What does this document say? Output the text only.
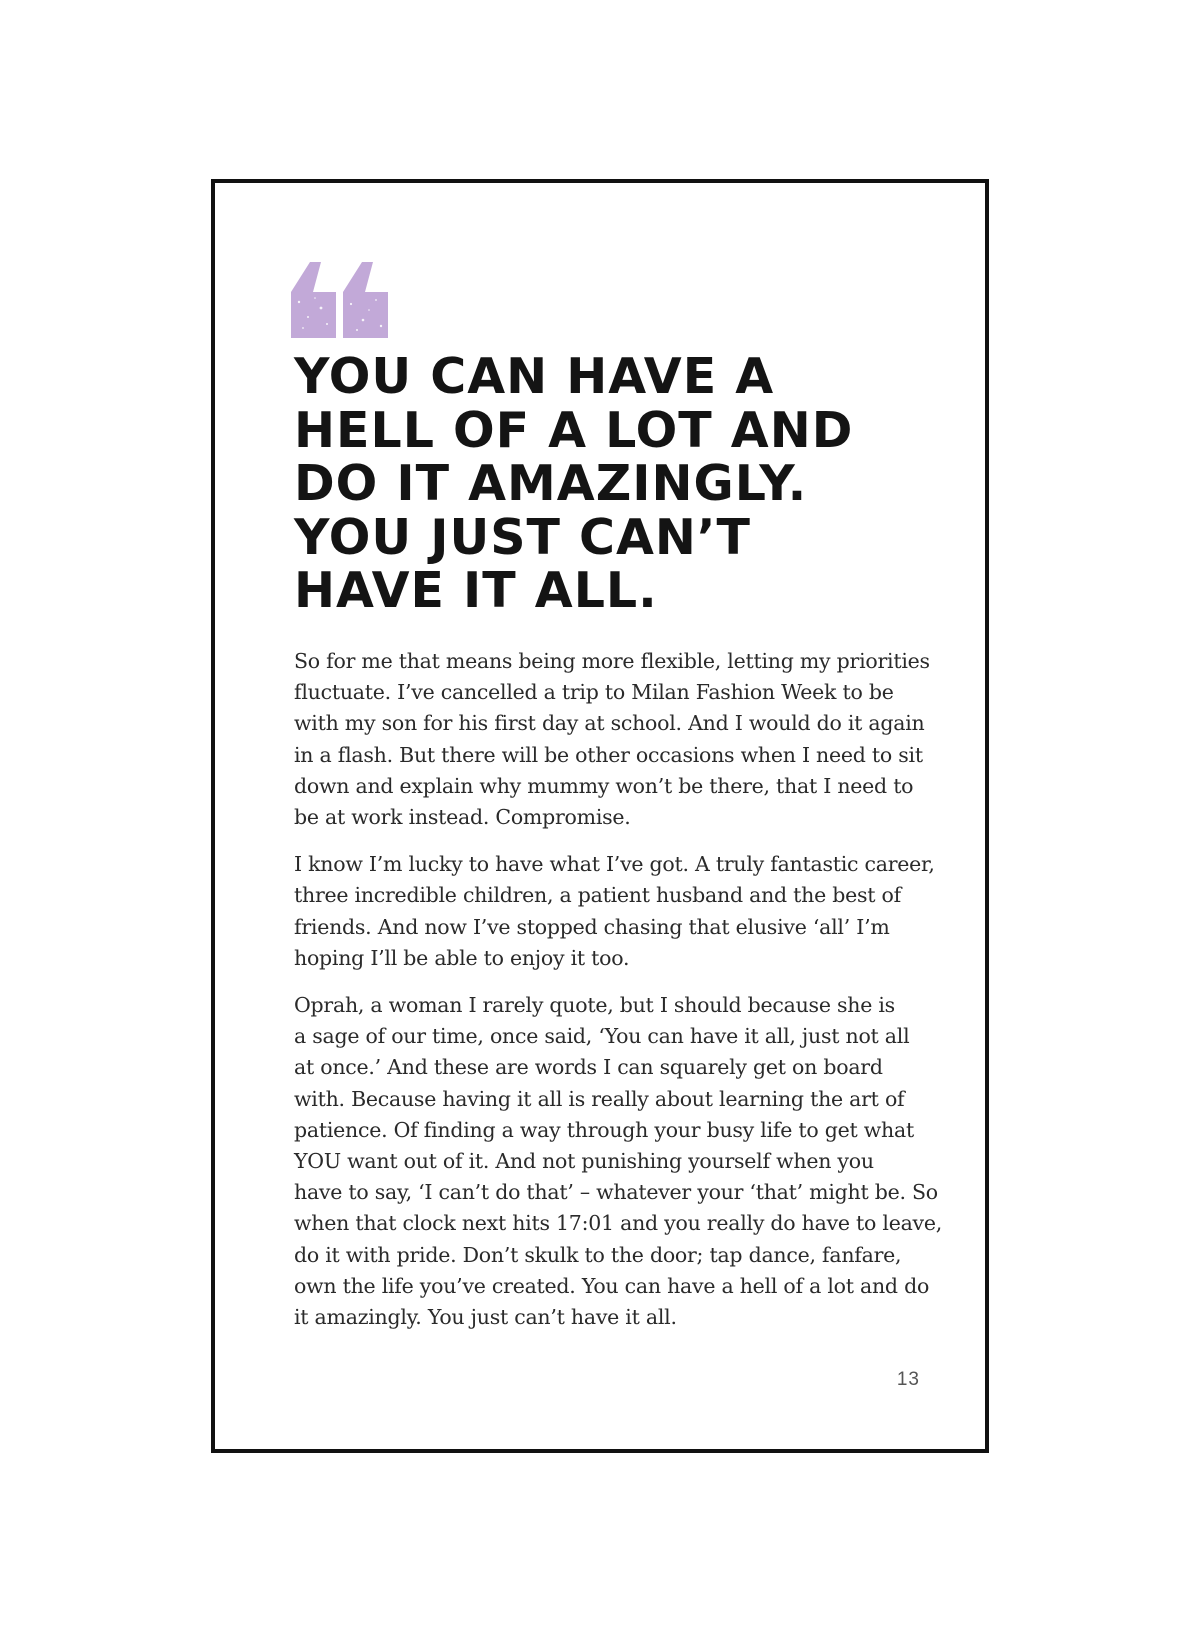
YOU CAN HAVE A
HELL OF A LOT AND
DO IT AMAZINGLY.
YOU JUST CAN’T
HAVE IT ALL.

So for me that means being more flexible, letting my priorities
fluctuate. I’ve cancelled a trip to Milan Fashion Week to be
with my son for his first day at school. And I would do it again
in a flash. But there will be other occasions when I need to sit
down and explain why mummy won’t be there, that I need to
be at work instead. Compromise.

I know I’m lucky to have what I’ve got. A truly fantastic career,
three incredible children, a patient husband and the best of
friends. And now I’ve stopped chasing that elusive ‘all’ I’m
hoping I’ll be able to enjoy it too.

Oprah, a woman I rarely quote, but I should because she is
a sage of our time, once said, ‘You can have it all, just not all
at once.’ And these are words I can squarely get on board
with. Because having it all is really about learning the art of
patience. Of finding a way through your busy life to get what
YOU want out of it. And not punishing yourself when you
have to say, ‘I can’t do that’ – whatever your ‘that’ might be. So
when that clock next hits 17:01 and you really do have to leave,
do it with pride. Don’t skulk to the door; tap dance, fanfare,
own the life you’ve created. You can have a hell of a lot and do
it amazingly. You just can’t have it all.

13
